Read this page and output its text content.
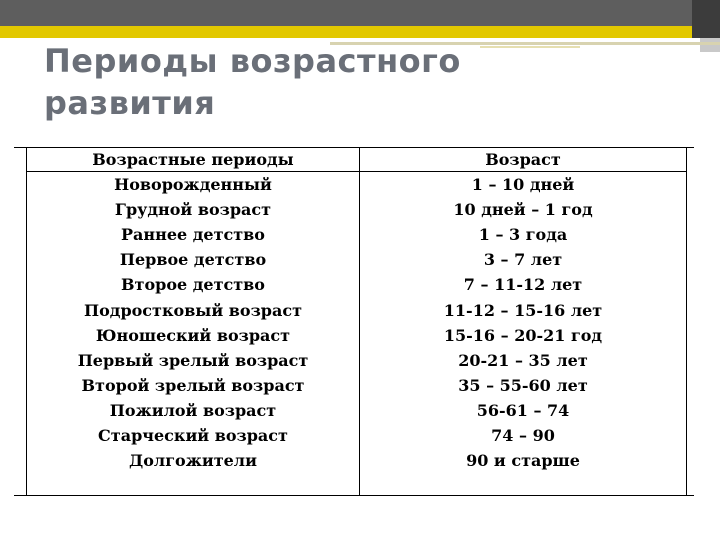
Периоды возрастного
развития
Возрастные периоды
Новорожденный
Грудной возраст
Раннее детство
Первое детство
Второе детство
Подростковый возраст
Юношеский возраст
Первый зрелый возраст
Второй зрелый возраст
Пожилой возраст
Старческий возраст
Долгожители
Возраст
1 – 10 дней
10 дней – 1 год
1 – 3 года
3 – 7 лет
7 – 11-12 лет
11-12 – 15-16 лет
15-16 – 20-21 год
20-21 – 35 лет
35 – 55-60 лет
56-61 – 74
74 – 90
90 и старше
